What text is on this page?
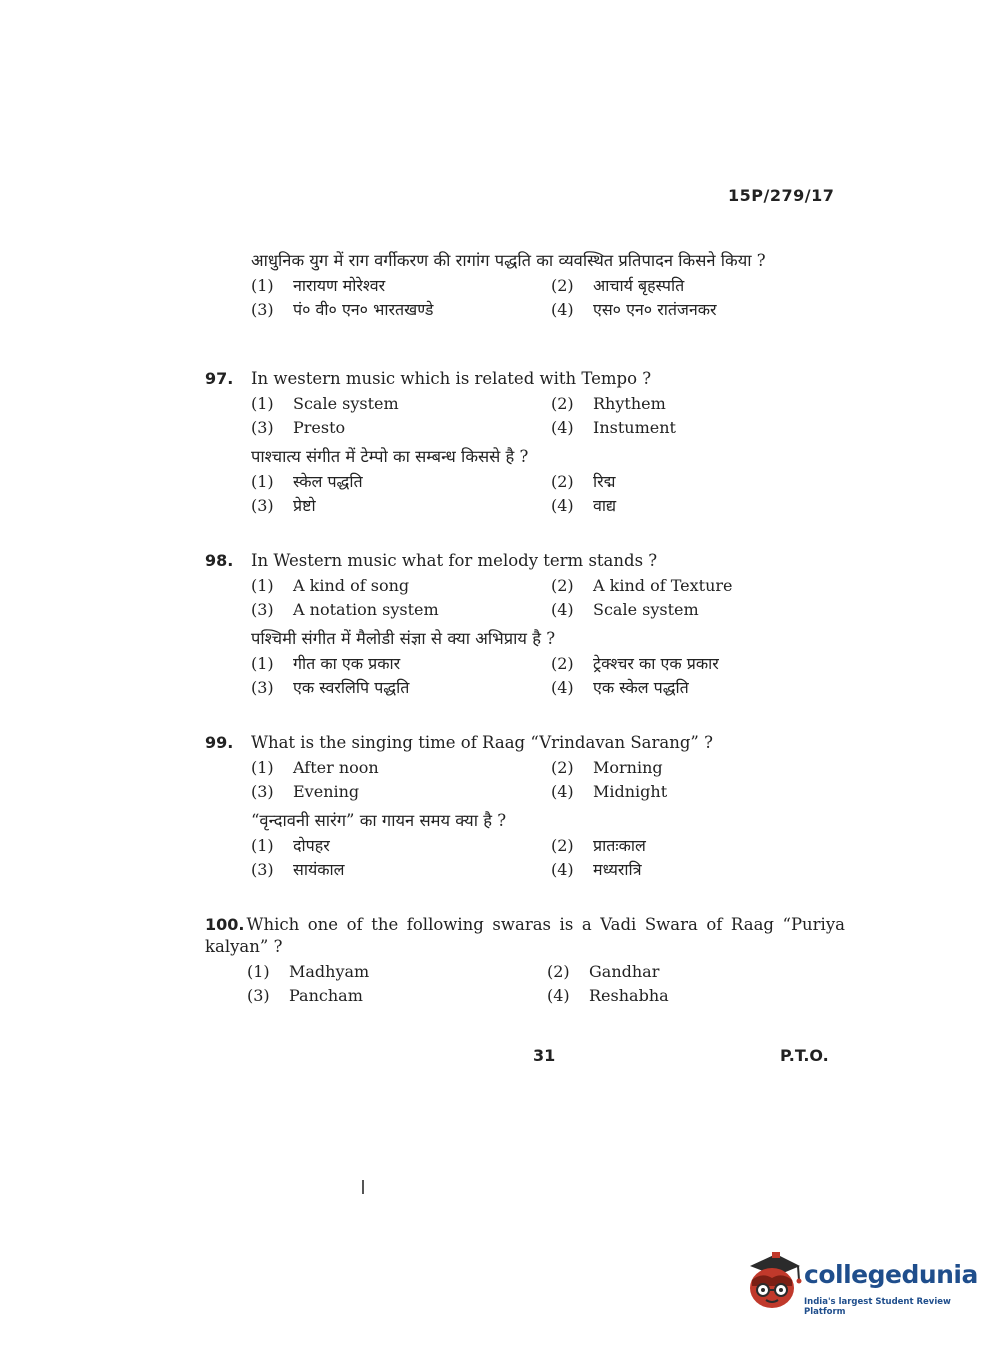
15P/279/17
आधुनिक युग में राग वर्गीकरण की रागांग पद्धति का व्यवस्थित प्रतिपादन किसने किया ?
(1) नारायण मोरेश्वर	(2) आचार्य बृहस्पति
(3) पं० वी० एन० भारतखण्डे	(4) एस० एन० रातंजनकर
97. In western music which is related with Tempo ?
(1) Scale system	(2) Rhythem
(3) Presto	(4) Instument
पाश्चात्य संगीत में टेम्पो का सम्बन्ध किससे है ?
(1) स्केल पद्धति	(2) रिद्म
(3) प्रेष्टो	(4) वाद्य
98. In Western music what for melody term stands ?
(1) A kind of song	(2) A kind of Texture
(3) A notation system	(4) Scale system
पश्चिमी संगीत में मैलोडी संज्ञा से क्या अभिप्राय है ?
(1) गीत का एक प्रकार	(2) ट्रेक्श्चर का एक प्रकार
(3) एक स्वरलिपि पद्धति	(4) एक स्केल पद्धति
99. What is the singing time of Raag “Vrindavan Sarang” ?
(1) After noon	(2) Morning
(3) Evening	(4) Midnight
“वृन्दावनी सारंग” का गायन समय क्या है ?
(1) दोपहर	(2) प्रातःकाल
(3) सायंकाल	(4) मध्यरात्रि
100. Which one of the following swaras is a Vadi Swara of Raag “Puriya kalyan” ?
(1) Madhyam	(2) Gandhar
(3) Pancham	(4) Reshabha
31	P.T.O.
collegedunia
India's largest Student Review Platform
